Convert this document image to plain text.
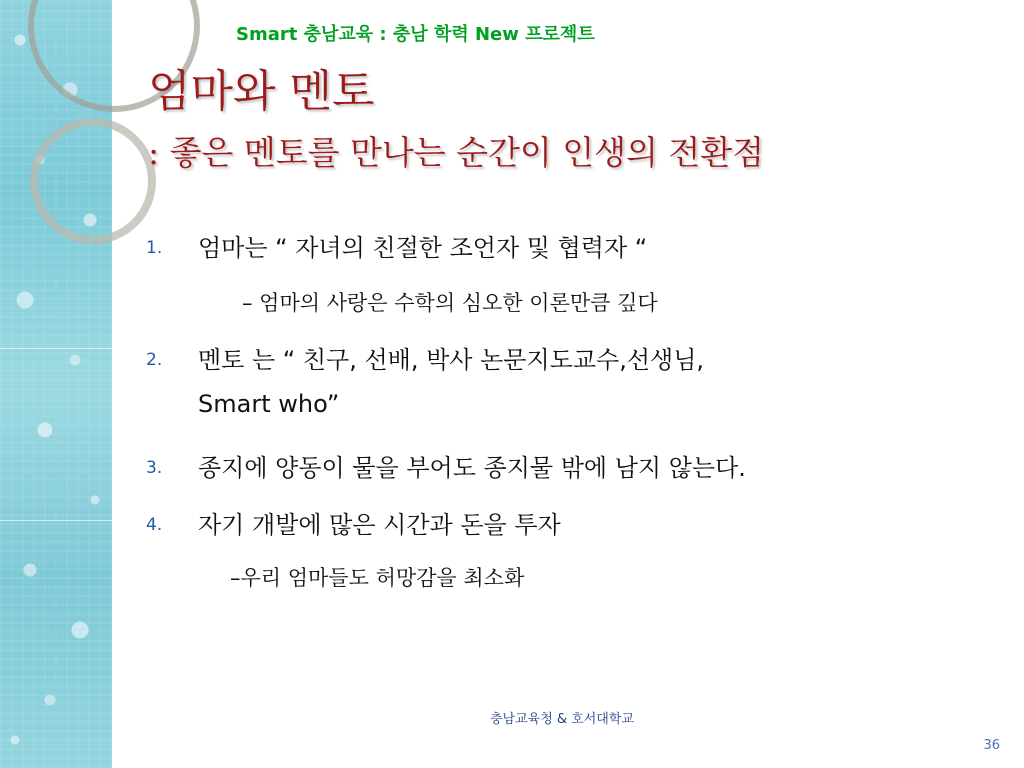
Smart 충남교육 : 충남 학력 New 프로젝트
엄마와 멘토
: 좋은 멘토를 만나는 순간이 인생의 전환점
1. 엄마는 “ 자녀의 친절한 조언자 및 협력자 “
– 엄마의 사랑은 수학의 심오한 이론만큼 깊다
2. 멘토 는 “ 친구, 선배, 박사 논문지도교수,선생님,
Smart who”
3. 종지에 양동이 물을 부어도 종지물 밖에 남지 않는다.
4. 자기 개발에 많은 시간과 돈을 투자
–우리 엄마들도 허망감을 최소화
충남교육청 & 호서대학교
36
